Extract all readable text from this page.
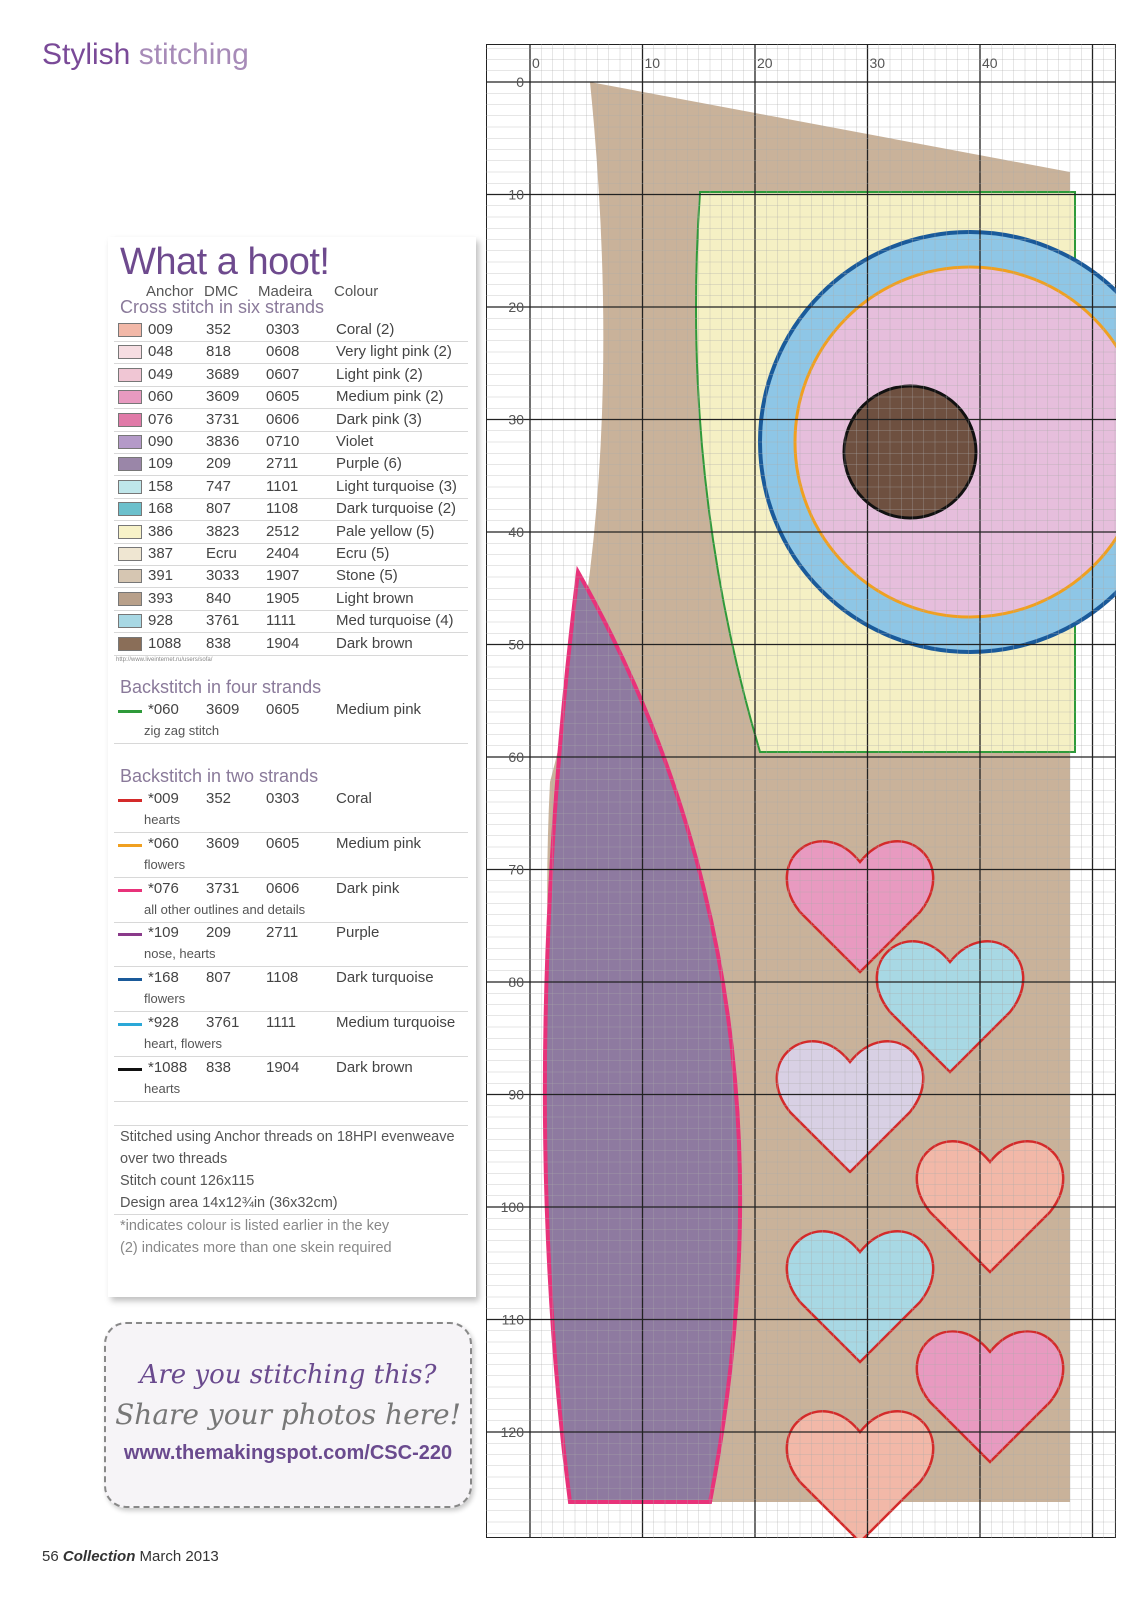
Stylish stitching
What a hoot!
Anchor DMC Madeira Colour
Cross stitch in six strands
009 352 0303 Coral (2)
048 818 0608 Very light pink (2)
049 3689 0607 Light pink (2)
060 3609 0605 Medium pink (2)
076 3731 0606 Dark pink (3)
090 3836 0710 Violet
109 209 2711	Purple (6)
158 747 1101	Light turquoise (3)
168 807 1108	Dark turquoise (2)
386 3823 2512 Pale yellow (5)
387 Ecru 2404 Ecru (5)
391 3033 1907 Stone (5)
393 840 1905 Light brown
928 3761 1111	Med turquoise (4)
1088 838 1904 Dark brown
http://www.liveinternet.ru/users/sofa/
Backstitch in four strands
*060 3609 0605 Medium pink
zig zag stitch
Backstitch in two strands
*009 352 0303 Coral
hearts
*060 3609 0605 Medium pink
flowers
*076 3731 0606 Dark pink
all other outlines and details
*109 209 2711	Purple
nose, hearts
*168 807 1108	Dark turquoise
flowers
*928 3761 1111	Medium turquoise
heart, flowers
*1088 838 1904 Dark brown
hearts
Stitched using Anchor threads on 18HPI evenweave
over two threads
Stitch count 126x115
Design area 14x12¾in (36x32cm)
*indicates colour is listed earlier in the key
(2) indicates more than one skein required
Are you stitching this?
Share your photos here!
www.themakingspot.com/CSC-220
56 Collection March 2013
0	10	20	30	40
0
10
20
30
40
50
60
70
80
90
100
110
120
